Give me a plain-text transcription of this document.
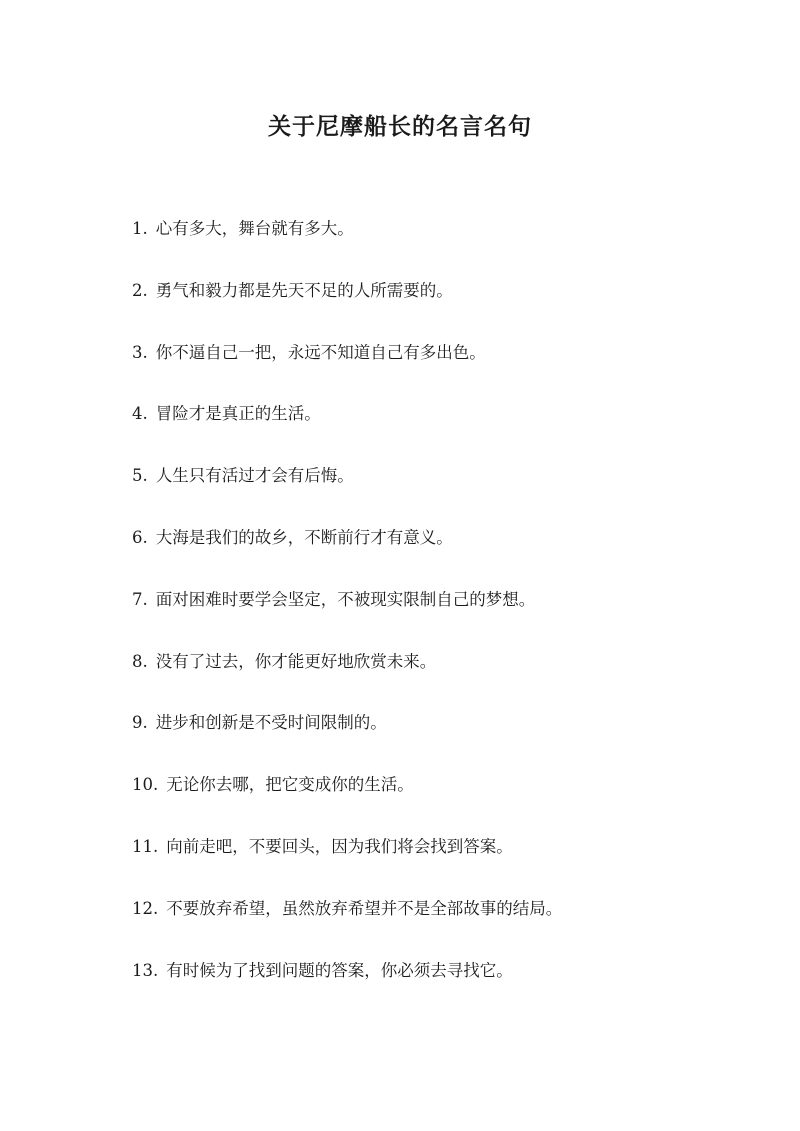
关于尼摩船长的名言名句
1. 心有多大，舞台就有多大。
2. 勇气和毅力都是先天不足的人所需要的。
3. 你不逼自己一把，永远不知道自己有多出色。
4. 冒险才是真正的生活。
5. 人生只有活过才会有后悔。
6. 大海是我们的故乡，不断前行才有意义。
7. 面对困难时要学会坚定，不被现实限制自己的梦想。
8. 没有了过去，你才能更好地欣赏未来。
9. 进步和创新是不受时间限制的。
10. 无论你去哪，把它变成你的生活。
11. 向前走吧，不要回头，因为我们将会找到答案。
12. 不要放弃希望，虽然放弃希望并不是全部故事的结局。
13. 有时候为了找到问题的答案，你必须去寻找它。
